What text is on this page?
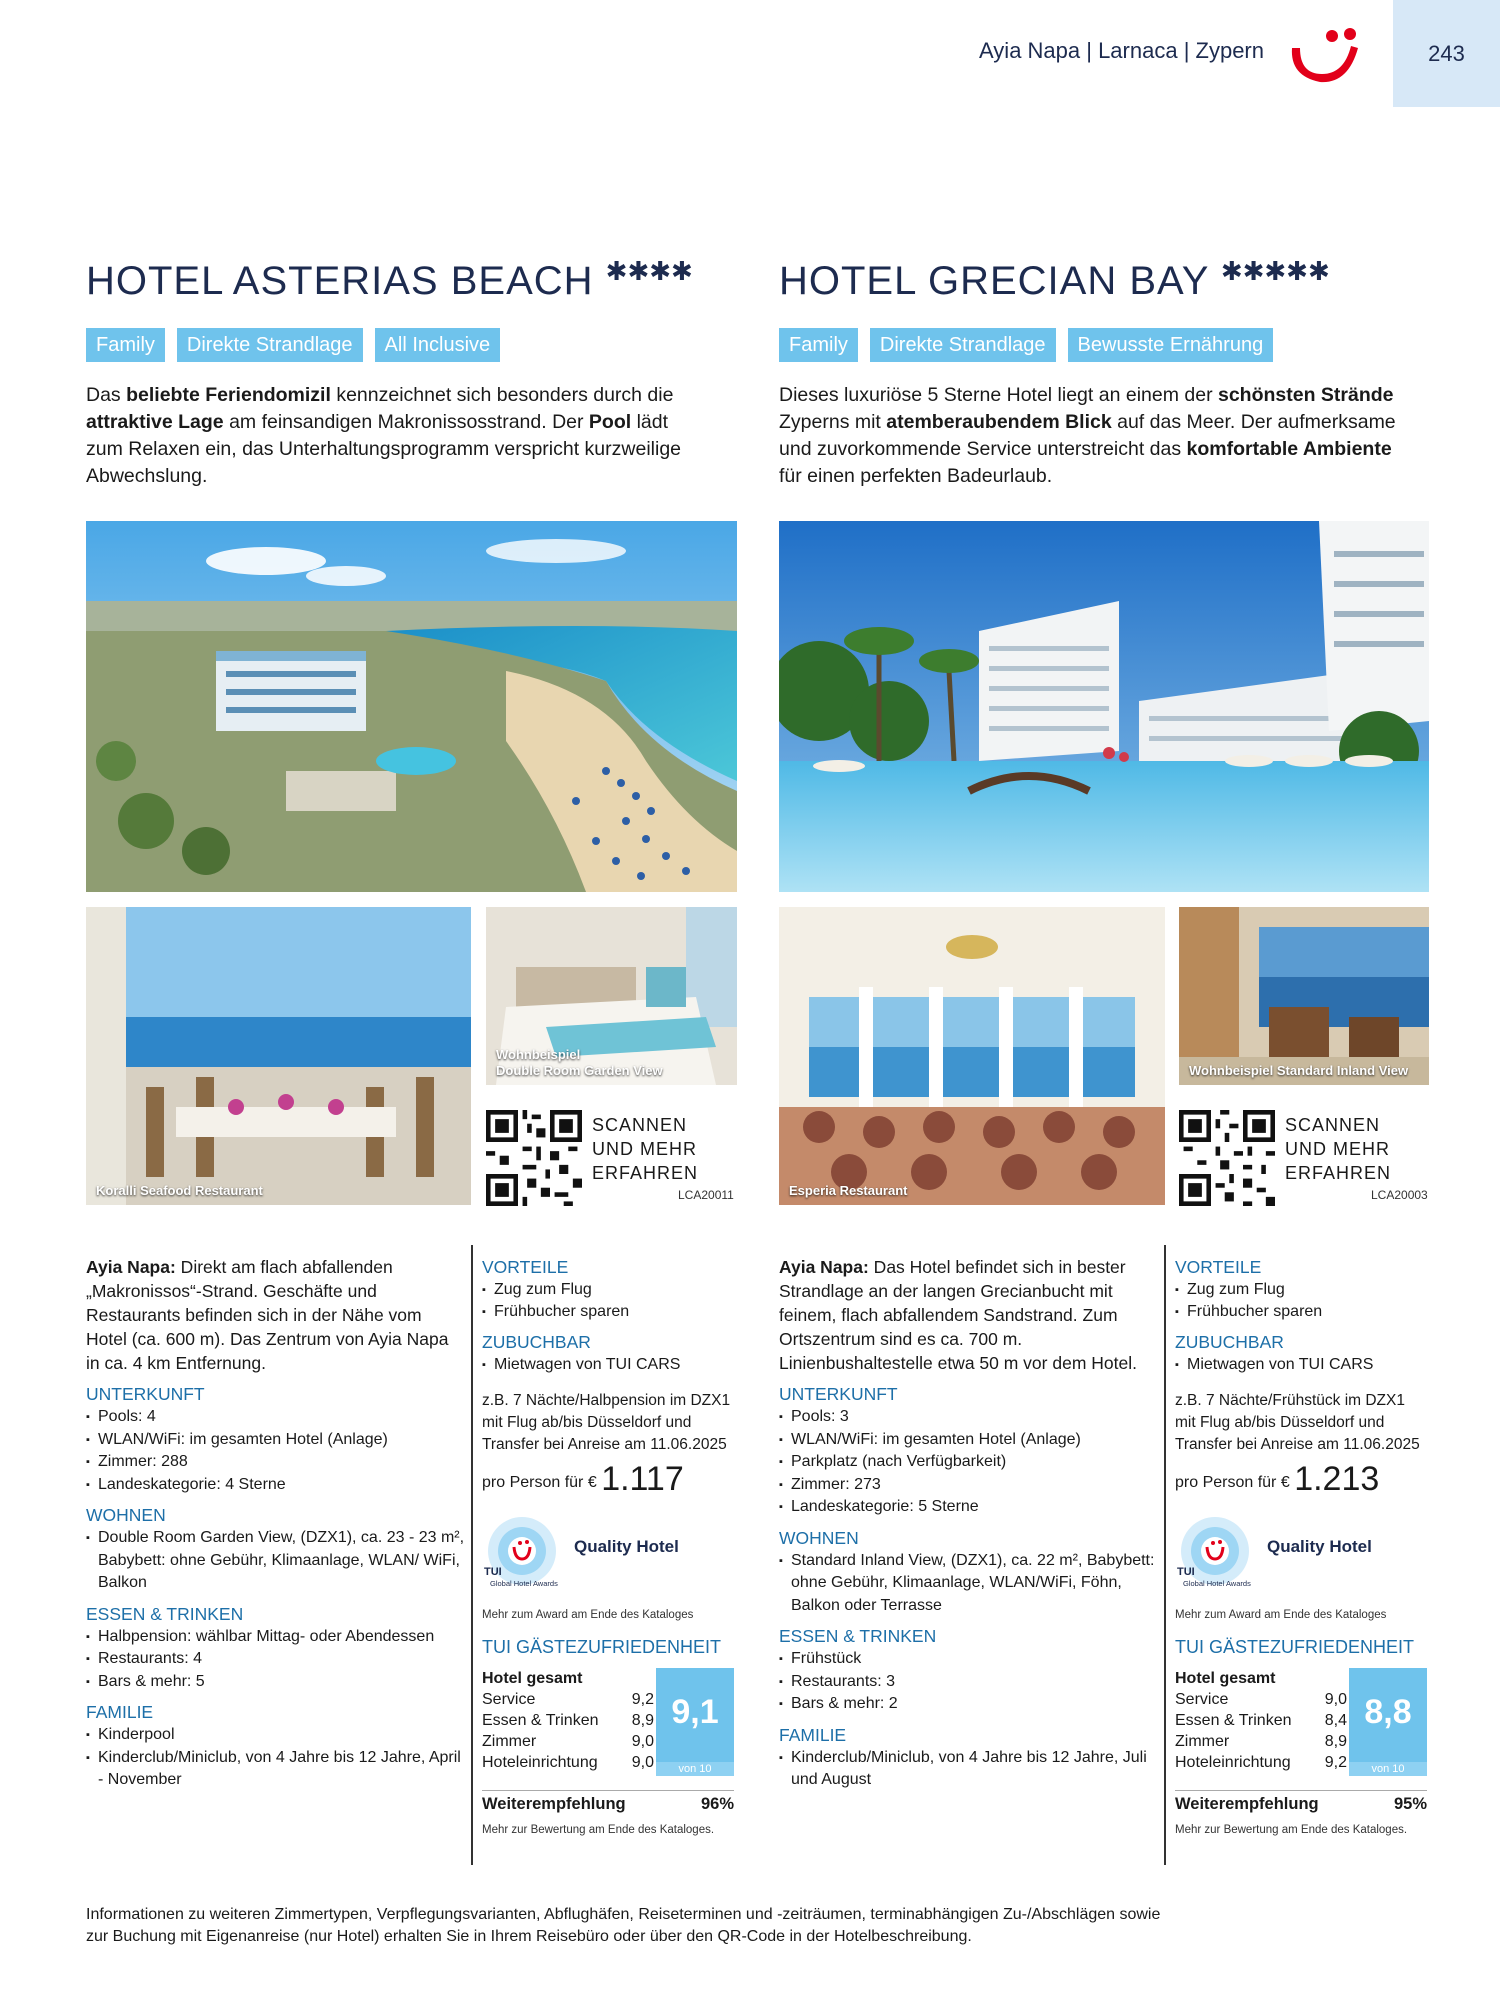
Ayia Napa | Larnaca | Zypern	243
HOTEL ASTERIAS BEACH ✱✱✱✱
Family	Direkte Strandlage	All Inclusive

Das beliebte Feriendomizil kennzeichnet sich besonders durch die attraktive Lage am feinsandigen Makronissosstrand. Der Pool lädt zum Relaxen ein, das Unterhaltungsprogramm verspricht kurzweilige Abwechslung.

Koralli Seafood Restaurant
Wohnbeispiel
Double Room Garden View
SCANNEN
UND MEHR
ERFAHREN
LCA20011

Ayia Napa: Direkt am flach abfallenden „Makronissos“-Strand. Geschäfte und Restaurants befinden sich in der Nähe vom Hotel (ca. 600 m). Das Zentrum von Ayia Napa in ca. 4 km Entfernung.

UNTERKUNFT
▪ Pools: 4
▪ WLAN/WiFi: im gesamten Hotel (Anlage)
▪ Zimmer: 288
▪ Landeskategorie: 4 Sterne
WOHNEN
▪ Double Room Garden View, (DZX1), ca. 23 - 23 m², Babybett: ohne Gebühr, Klimaanlage, WLAN/ WiFi, Balkon
ESSEN & TRINKEN
▪ Halbpension: wählbar Mittag- oder Abendessen
▪ Restaurants: 4
▪ Bars & mehr: 5
FAMILIE
▪ Kinderpool
▪ Kinderclub/Miniclub, von 4 Jahre bis 12 Jahre, April - November
VORTEILE
▪ Zug zum Flug
▪ Frühbucher sparen
ZUBUCHBAR
▪ Mietwagen von TUI CARS

z.B. 7 Nächte/Halbpension im DZX1 mit Flug ab/bis Düsseldorf und Transfer bei Anreise am 11.06.2025

pro Person für € 1.117
TUI
Global Hotel Awards
Quality Hotel
Mehr zum Award am Ende des Kataloges
TUI GÄSTEZUFRIEDENHEIT
Hotel gesamt
Service	9,2
Essen & Trinken 8,9
Zimmer	9,0
Hoteleinrichtung 9,0
9,1
von 10
Weiterempfehlung	96%
Mehr zur Bewertung am Ende des Kataloges.
HOTEL GRECIAN BAY ✱✱✱✱✱
Family	Direkte Strandlage	Bewusste Ernährung

Dieses luxuriöse 5 Sterne Hotel liegt an einem der schönsten Strände Zyperns mit atemberaubendem Blick auf das Meer. Der aufmerksame und zuvorkommende Service unterstreicht das komfortable Ambiente für einen perfekten Badeurlaub.

Esperia Restaurant
Wohnbeispiel Standard Inland View
SCANNEN
UND MEHR
ERFAHREN
LCA20003

Ayia Napa: Das Hotel befindet sich in bester Strandlage an der langen Grecianbucht mit feinem, flach abfallendem Sandstrand. Zum Ortszentrum sind es ca. 700 m. Linienbushaltestelle etwa 50 m vor dem Hotel.

UNTERKUNFT
▪ Pools: 3
▪ WLAN/WiFi: im gesamten Hotel (Anlage)
▪ Parkplatz (nach Verfügbarkeit)
▪ Zimmer: 273
▪ Landeskategorie: 5 Sterne
WOHNEN
▪ Standard Inland View, (DZX1), ca. 22 m², Babybett: ohne Gebühr, Klimaanlage, WLAN/WiFi, Föhn, Balkon oder Terrasse
ESSEN & TRINKEN
▪ Frühstück
▪ Restaurants: 3
▪ Bars & mehr: 2
FAMILIE
▪ Kinderclub/Miniclub, von 4 Jahre bis 12 Jahre, Juli und August
VORTEILE
▪ Zug zum Flug
▪ Frühbucher sparen
ZUBUCHBAR
▪ Mietwagen von TUI CARS

z.B. 7 Nächte/Frühstück im DZX1 mit Flug ab/bis Düsseldorf und Transfer bei Anreise am 11.06.2025

pro Person für € 1.213
TUI
Global Hotel Awards
Quality Hotel
Mehr zum Award am Ende des Kataloges
TUI GÄSTEZUFRIEDENHEIT
Hotel gesamt
Service	9,0
Essen & Trinken 8,4
Zimmer	8,9
Hoteleinrichtung 9,2
8,8
von 10
Weiterempfehlung	95%
Mehr zur Bewertung am Ende des Kataloges.

Informationen zu weiteren Zimmertypen, Verpflegungsvarianten, Abflughäfen, Reiseterminen und -zeiträumen, terminabhängigen Zu-/Abschlägen sowie zur Buchung mit Eigenanreise (nur Hotel) erhalten Sie in Ihrem Reisebüro oder über den QR-Code in der Hotelbeschreibung.
